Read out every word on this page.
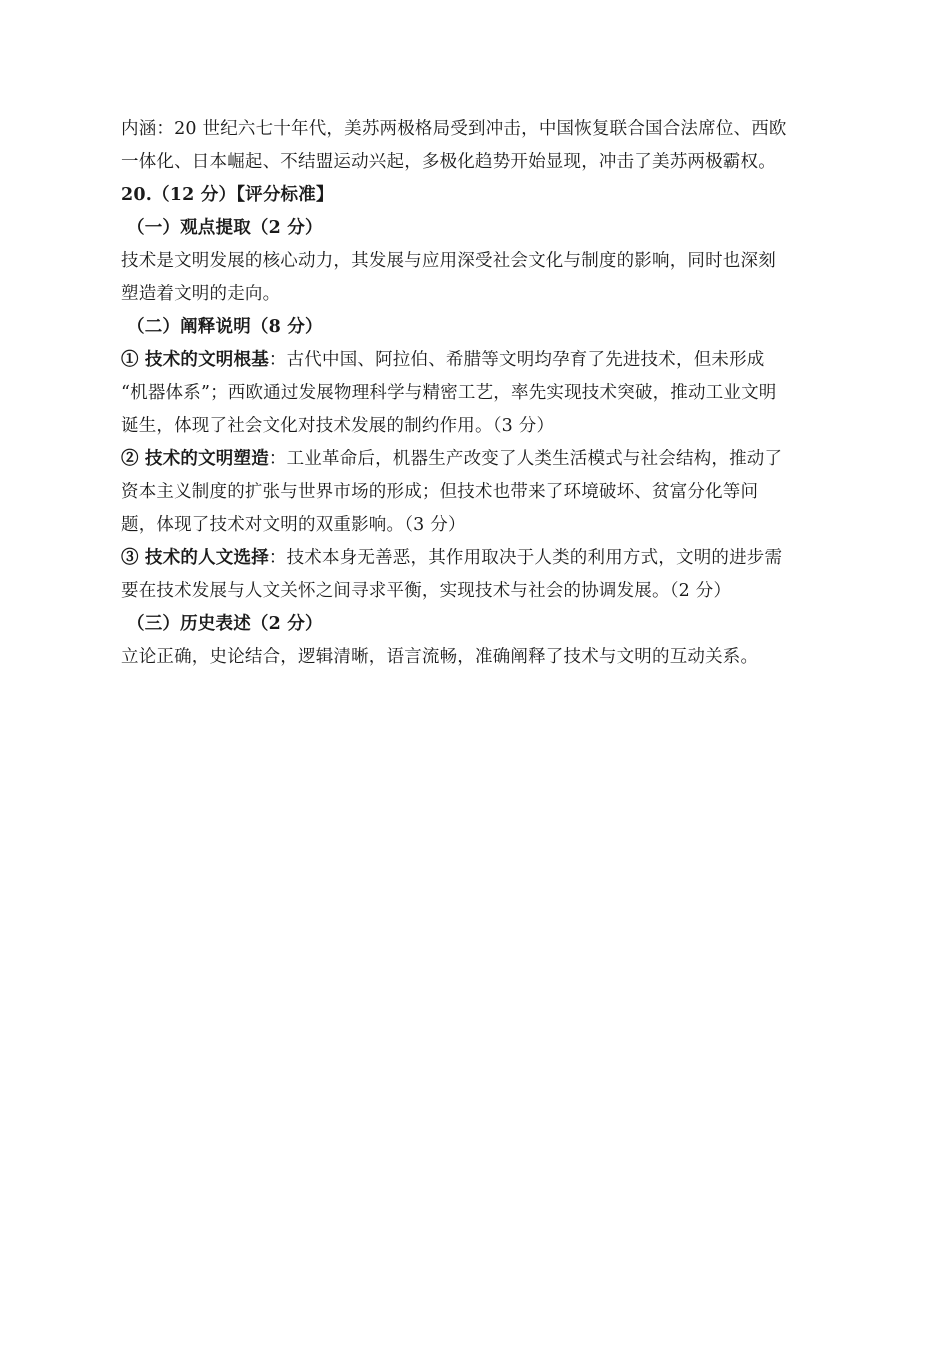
内涵：20 世纪六七十年代，美苏两极格局受到冲击，中国恢复联合国合法席位、西欧
一体化、日本崛起、不结盟运动兴起，多极化趋势开始显现，冲击了美苏两极霸权。
20.（12 分）【评分标准】
（一）观点提取（2 分）
技术是文明发展的核心动力，其发展与应用深受社会文化与制度的影响，同时也深刻
塑造着文明的走向。
（二）阐释说明（8 分）
① 技术的文明根基：古代中国、阿拉伯、希腊等文明均孕育了先进技术，但未形成
“机器体系”；西欧通过发展物理科学与精密工艺，率先实现技术突破，推动工业文明
诞生，体现了社会文化对技术发展的制约作用。（3 分）
② 技术的文明塑造：工业革命后，机器生产改变了人类生活模式与社会结构，推动了
资本主义制度的扩张与世界市场的形成；但技术也带来了环境破坏、贫富分化等问
题，体现了技术对文明的双重影响。（3 分）
③ 技术的人文选择：技术本身无善恶，其作用取决于人类的利用方式，文明的进步需
要在技术发展与人文关怀之间寻求平衡，实现技术与社会的协调发展。（2 分）
（三）历史表述（2 分）
立论正确，史论结合，逻辑清晰，语言流畅，准确阐释了技术与文明的互动关系。
